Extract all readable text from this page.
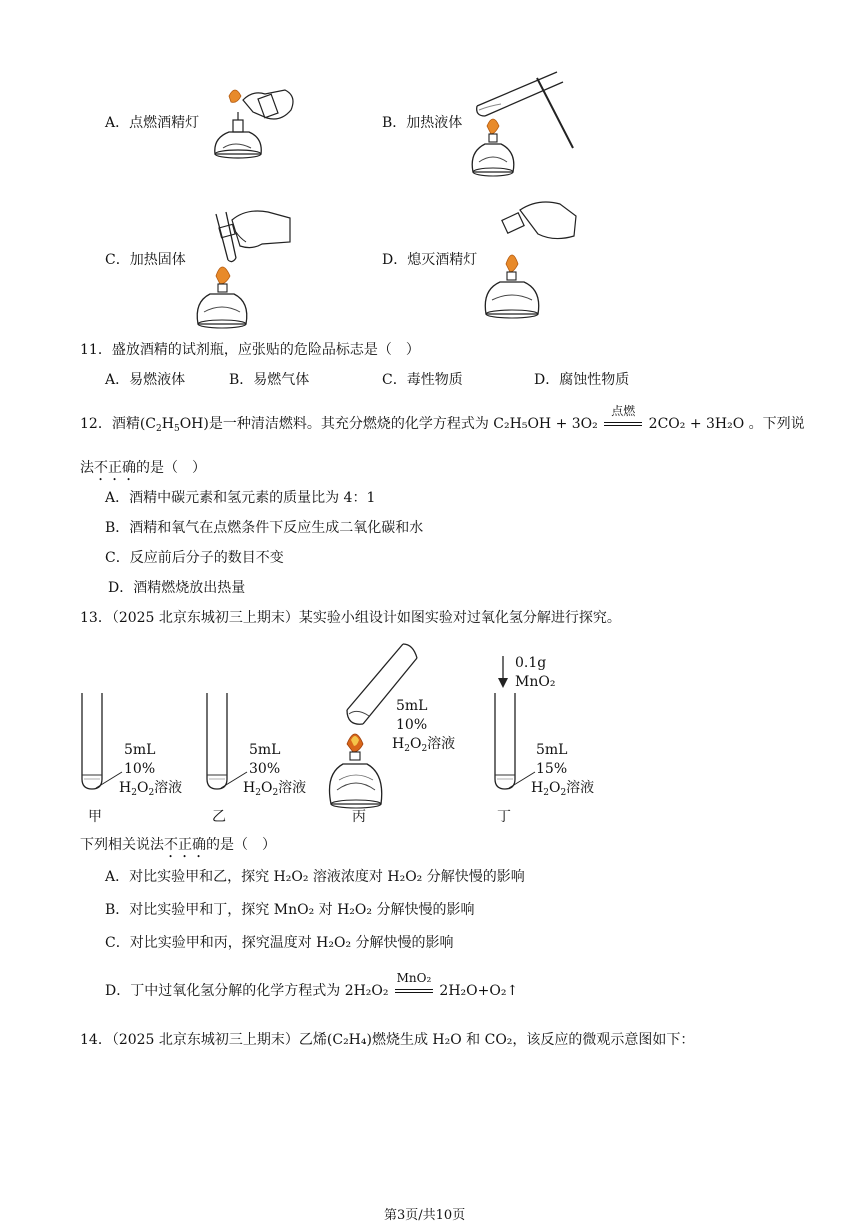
A．点燃酒精灯	B．加热液体
C．加热固体	D．熄灭酒精灯
11．盛放酒精的试剂瓶，应张贴的危险品标志是（　）
A．易燃液体	B．易燃气体	C．毒性物质	D．腐蚀性物质
12．酒精$(C_2H_5OH)$是一种清洁燃料。其充分燃烧的化学方程式为 C₂H₅OH + 3O₂
点燃
2CO₂ + 3H₂O 。下列说
法不正确的是（　）
A．酒精中碳元素和氢元素的质量比为 4：1
B．酒精和氧气在点燃条件下反应生成二氧化碳和水
C．反应前后分子的数目不变
D．酒精燃烧放出热量
13．（2025 北京东城初三上期末）某实验小组设计如图实验对过氧化氢分解进行探究。
5mL
10%
$H_2O_2$溶液
甲
5mL
30%
$H_2O_2$溶液
乙
5mL
10%
$H_2O_2$溶液
丙
0.1g
MnO₂
5mL
15%
$H_2O_2$溶液
丁
下列相关说法不正确的是（　）
A．对比实验甲和乙，探究 H₂O₂ 溶液浓度对 H₂O₂ 分解快慢的影响
B．对比实验甲和丁，探究 MnO₂ 对 H₂O₂ 分解快慢的影响
C．对比实验甲和丙，探究温度对 H₂O₂ 分解快慢的影响
D．丁中过氧化氢分解的化学方程式为 2H₂O₂
MnO₂
2H₂O+O₂↑
14．（2025 北京东城初三上期末）乙烯(C₂H₄)燃烧生成 H₂O 和 CO₂，该反应的微观示意图如下：
第3页/共10页
